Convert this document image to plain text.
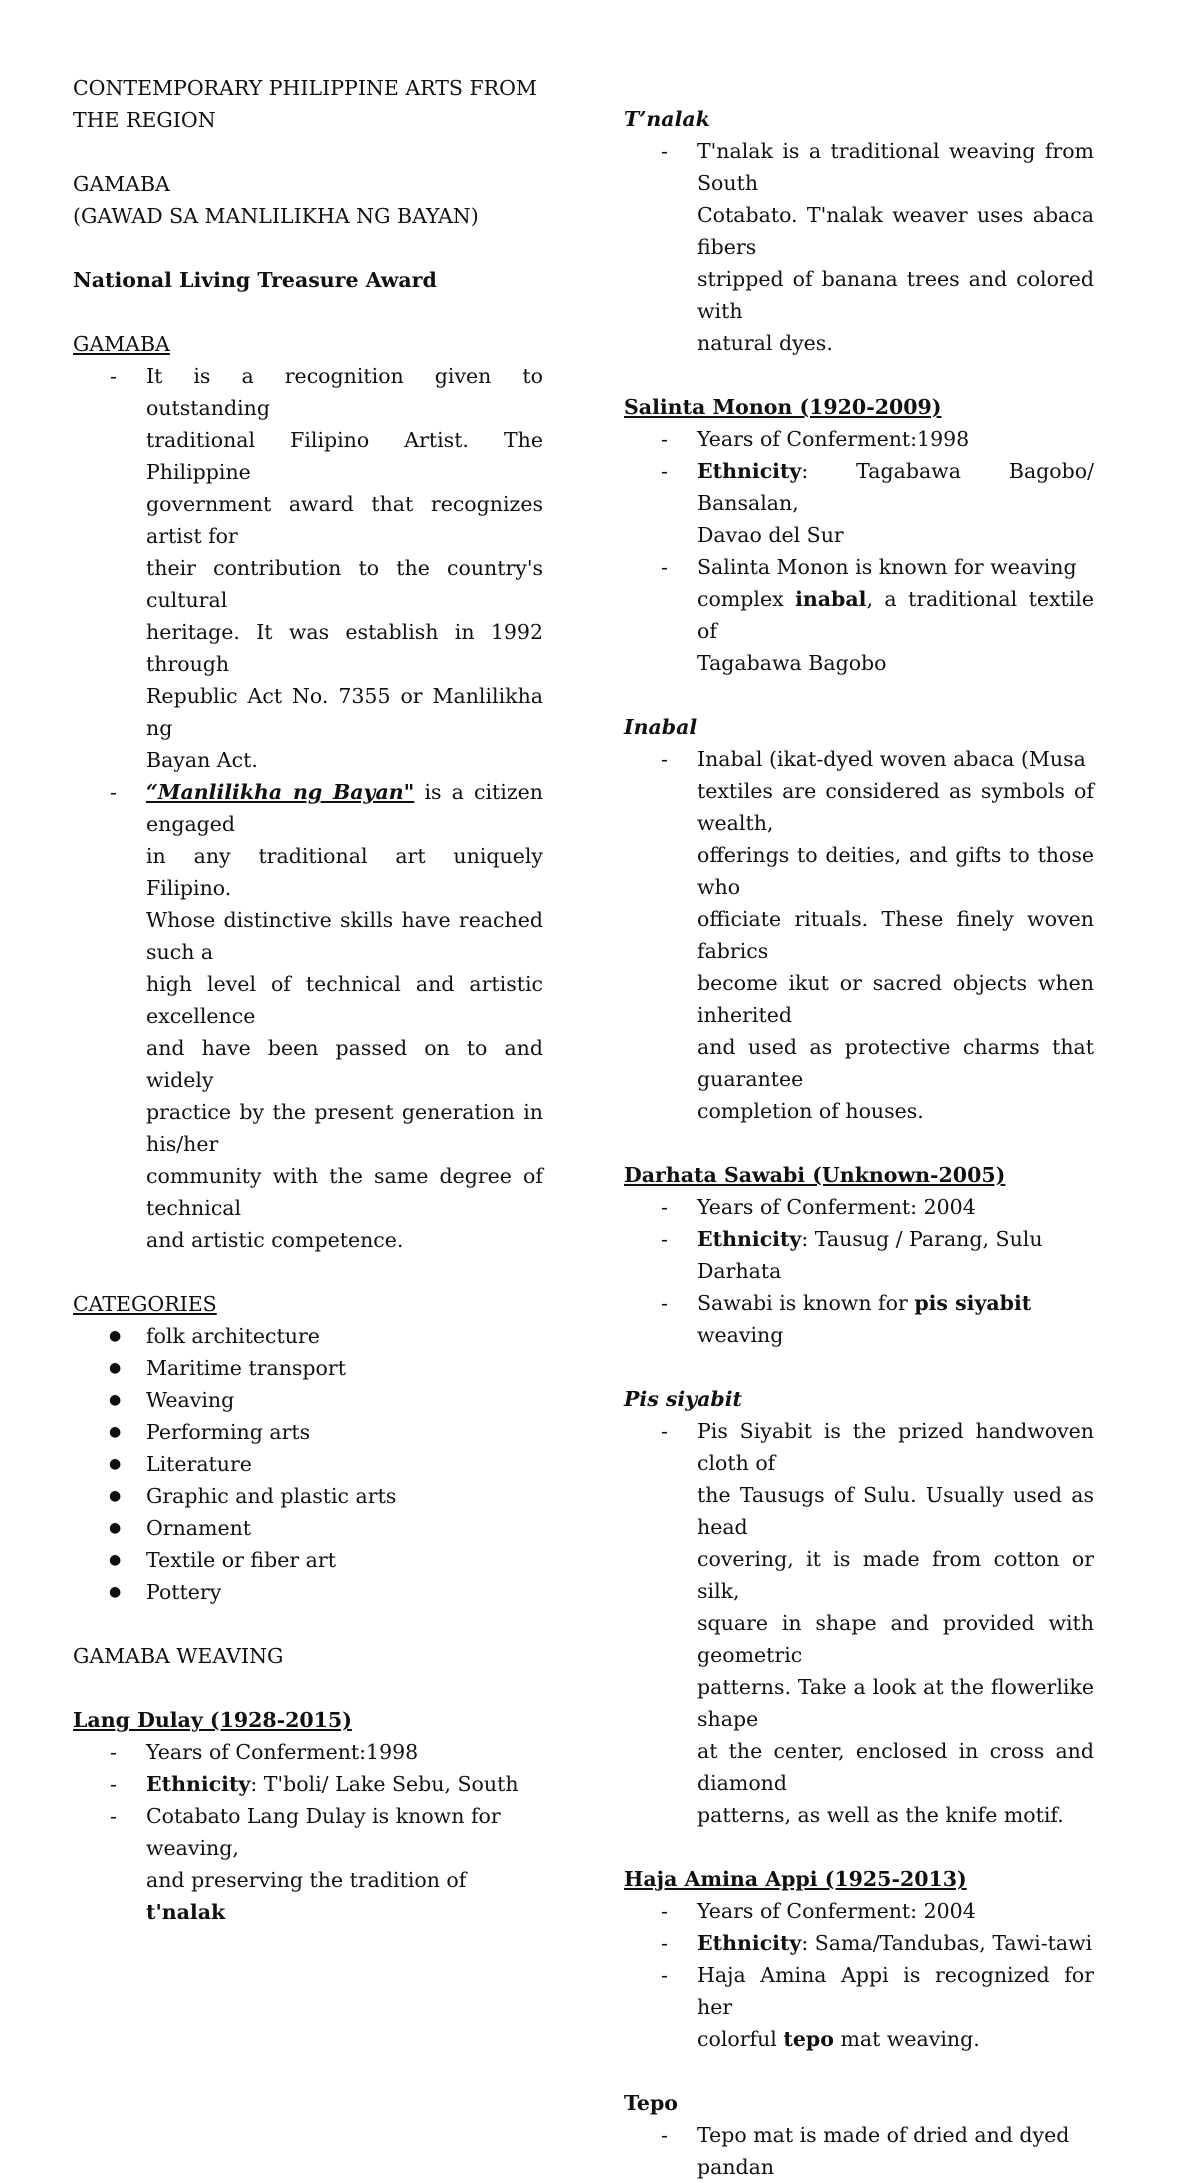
CONTEMPORARY PHILIPPINE ARTS FROM
THE REGION
GAMABA
(GAWAD SA MANLILIKHA NG BAYAN)
National Living Treasure Award
GAMABA
-	It is a recognition given to outstanding
traditional Filipino Artist. The Philippine
government award that recognizes artist for
their contribution to the country's cultural
heritage. It was establish in 1992 through
Republic Act No. 7355 or Manlilikha ng
Bayan Act.
-	“Manlilikha ng Bayan" is a citizen engaged
in any traditional art uniquely Filipino.
Whose distinctive skills have reached such a
high level of technical and artistic excellence
and have been passed on to and widely
practice by the present generation in his/her
community with the same degree of technical
and artistic competence.
CATEGORIES
●	folk architecture
●	Maritime transport
●	Weaving
●	Performing arts
●	Literature
●	Graphic and plastic arts
●	Ornament
●	Textile or fiber art
●	Pottery
GAMABA WEAVING
Lang Dulay (1928-2015)
-	Years of Conferment:1998
-	Ethnicity: T'boli/ Lake Sebu, South
-	Cotabato Lang Dulay is known for weaving,
and preserving the tradition of t'nalak
T’nalak
-	T'nalak is a traditional weaving from South
Cotabato. T'nalak weaver uses abaca fibers
stripped of banana trees and colored with
natural dyes.
Salinta Monon (1920-2009)
-	Years of Conferment:1998
-	Ethnicity: Tagabawa Bagobo/ Bansalan,
Davao del Sur
-	Salinta Monon is known for weaving
complex inabal, a traditional textile of
Tagabawa Bagobo
Inabal
-	Inabal (ikat-dyed woven abaca (Musa
textiles are considered as symbols of wealth,
offerings to deities, and gifts to those who
officiate rituals. These finely woven fabrics
become ikut or sacred objects when inherited
and used as protective charms that guarantee
completion of houses.
Darhata Sawabi (Unknown-2005)
-	Years of Conferment: 2004
-	Ethnicity: Tausug / Parang, Sulu Darhata
-	Sawabi is known for pis siyabit weaving
Pis siyabit
-	Pis Siyabit is the prized handwoven cloth of
the Tausugs of Sulu. Usually used as head
covering, it is made from cotton or silk,
square in shape and provided with geometric
patterns. Take a look at the flowerlike shape
at the center, enclosed in cross and diamond
patterns, as well as the knife motif.
Haja Amina Appi (1925-2013)
-	Years of Conferment: 2004
-	Ethnicity: Sama/Tandubas, Tawi-tawi
-	Haja Amina Appi is recognized for her
colorful tepo mat weaving.
Tepo
-	Tepo mat is made of dried and dyed pandan
